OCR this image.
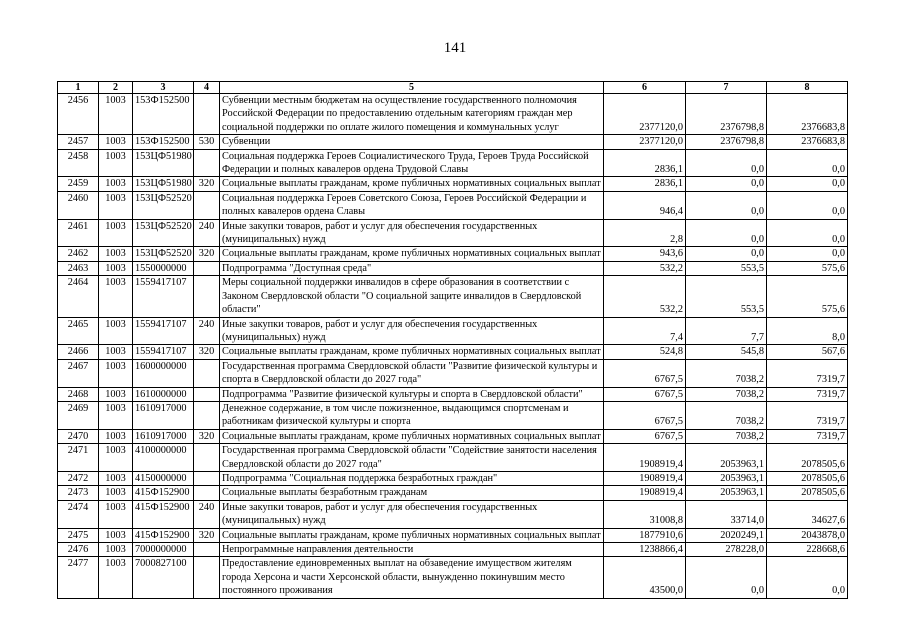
141
1	2	3	4	5	6	7	8
2456	1003	153Ф152500		Субвенции местным бюджетам на осуществление государственного полномочия Российской Федерации по предоставлению отдельным категориям граждан мер социальной поддержки по оплате жилого помещения и коммунальных услуг	2377120,0	2376798,8	2376683,8
2457	1003	153Ф152500	530	Субвенции	2377120,0	2376798,8	2376683,8
2458	1003	153ЦФ51980		Социальная поддержка Героев Социалистического Труда, Героев Труда Российской Федерации и полных кавалеров ордена Трудовой Славы	2836,1	0,0	0,0
2459	1003	153ЦФ51980	320	Социальные выплаты гражданам, кроме публичных нормативных социальных выплат	2836,1	0,0	0,0
2460	1003	153ЦФ52520		Социальная поддержка Героев Советского Союза, Героев Российской Федерации и полных кавалеров ордена Славы	946,4	0,0	0,0
2461	1003	153ЦФ52520	240	Иные закупки товаров, работ и услуг для обеспечения государственных (муниципальных) нужд	2,8	0,0	0,0
2462	1003	153ЦФ52520	320	Социальные выплаты гражданам, кроме публичных нормативных социальных выплат	943,6	0,0	0,0
2463	1003	1550000000		Подпрограмма "Доступная среда"	532,2	553,5	575,6
2464	1003	1559417107		Меры социальной поддержки инвалидов в сфере образования в соответствии с Законом Свердловской области "О социальной защите инвалидов в Свердловской области"	532,2	553,5	575,6
2465	1003	1559417107	240	Иные закупки товаров, работ и услуг для обеспечения государственных (муниципальных) нужд	7,4	7,7	8,0
2466	1003	1559417107	320	Социальные выплаты гражданам, кроме публичных нормативных социальных выплат	524,8	545,8	567,6
2467	1003	1600000000		Государственная программа Свердловской области "Развитие физической культуры и спорта в Свердловской области до 2027 года"	6767,5	7038,2	7319,7
2468	1003	1610000000		Подпрограмма "Развитие физической культуры и спорта в Свердловской области"	6767,5	7038,2	7319,7
2469	1003	1610917000		Денежное содержание, в том числе пожизненное, выдающимся спортсменам и работникам физической культуры и спорта	6767,5	7038,2	7319,7
2470	1003	1610917000	320	Социальные выплаты гражданам, кроме публичных нормативных социальных выплат	6767,5	7038,2	7319,7
2471	1003	4100000000		Государственная программа Свердловской области "Содействие занятости населения Свердловской области до 2027 года"	1908919,4	2053963,1	2078505,6
2472	1003	4150000000		Подпрограмма "Социальная поддержка безработных граждан"	1908919,4	2053963,1	2078505,6
2473	1003	415Ф152900		Социальные выплаты безработным гражданам	1908919,4	2053963,1	2078505,6
2474	1003	415Ф152900	240	Иные закупки товаров, работ и услуг для обеспечения государственных (муниципальных) нужд	31008,8	33714,0	34627,6
2475	1003	415Ф152900	320	Социальные выплаты гражданам, кроме публичных нормативных социальных выплат	1877910,6	2020249,1	2043878,0
2476	1003	7000000000		Непрограммные направления деятельности	1238866,4	278228,0	228668,6
2477	1003	7000827100		Предоставление единовременных выплат на обзаведение имуществом жителям города Херсона и части Херсонской области, вынужденно покинувшим место постоянного проживания	43500,0	0,0	0,0
